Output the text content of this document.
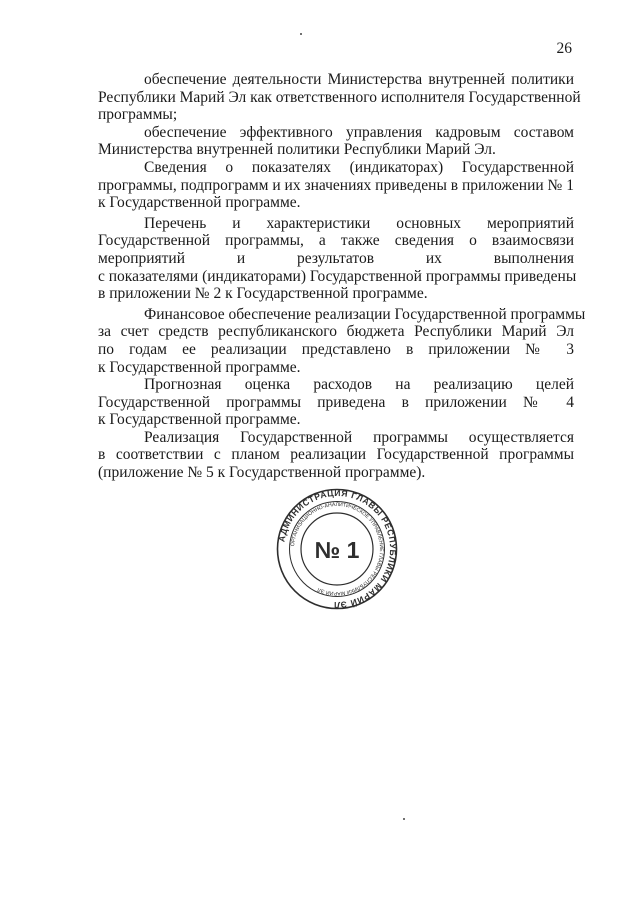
26
обеспечение деятельности Министерства внутренней политики
Республики Марий Эл как ответственного исполнителя Государственной
программы;
обеспечение эффективного управления кадровым составом
Министерства внутренней политики Республики Марий Эл.
Сведения о показателях (индикаторах) Государственной
программы, подпрограмм и их значениях приведены в приложении № 1
к Государственной программе.
Перечень и характеристики основных мероприятий
Государственной программы, а также сведения о взаимосвязи
мероприятий и результатов их выполнения
с показателями (индикаторами) Государственной программы приведены
в приложении № 2 к Государственной программе.
Финансовое обеспечение реализации Государственной программы
за счет средств республиканского бюджета Республики Марий Эл
по годам ее реализации представлено в приложении № 3
к Государственной программе.
Прогнозная оценка расходов на реализацию целей
Государственной программы приведена в приложении № 4
к Государственной программе.
Реализация Государственной программы осуществляется
в соответствии с планом реализации Государственной программы
(приложение № 5 к Государственной программе).
АДМИНИСТРАЦИЯ ГЛАВЫ РЕСПУБЛИКИ МАРИЙ ЭЛ
ОРГАНИЗАЦИОННО-АНАЛИТИЧЕСКОЕ УПРАВЛЕНИЕ ГЛАВЫ РЕСПУБЛИКИ МАРИЙ ЭЛ
№ 1
